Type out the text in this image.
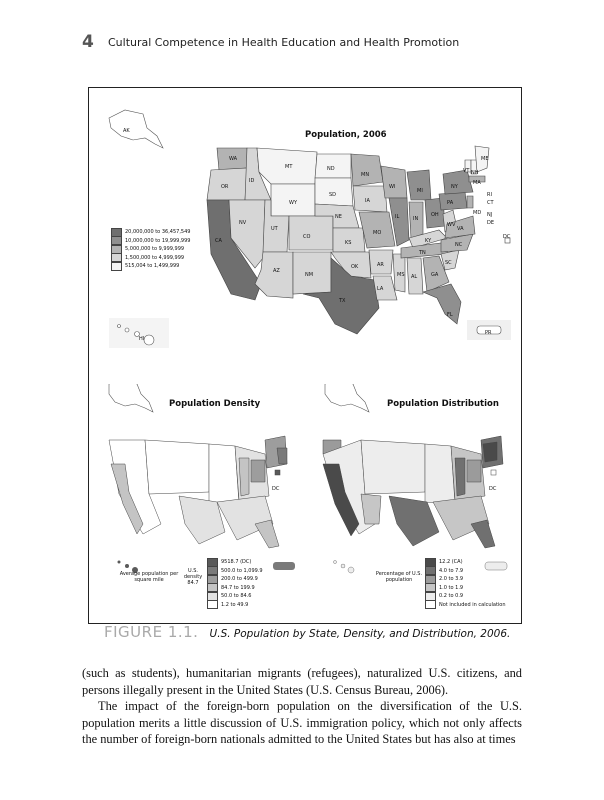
4 Cultural Competence in Health Education and Health Promotion
Population, 2006
WA
OR
CA
ID
NV
MT
WY
UT
AZ
CO
NM
ND
SD
NE
KS
OK
TX
MN
IA
MO
AR
LA
WI
IL
MS
MI
IN
KY
TN
AL
OH
WV
GA
FL
SC
NC
VA
PA
NY
VT NH
ME
MA
RI
CT
NJ
DE
MD
DC
AK
HI
PR
20,000,000 to 36,457,549
10,000,000 to 19,999,999
5,000,000 to 9,999,999
1,500,000 to 4,999,999
515,004 to 1,499,999
Population Density
DC
Average population per square mile
U.S. density 84.7
9518.7 (DC)
500.0 to 1,099.9
200.0 to 499.9
84.7 to 199.9
50.0 to 84.6
1.2 to 49.9
Population Distribution
DC
Percentage of U.S. population
12.2 (CA)
4.0 to 7.9
2.0 to 3.9
1.0 to 1.9
0.2 to 0.9
Not included in calculation
FIGURE 1.1. U.S. Population by State, Density, and Distribution, 2006.

(such as students), humanitarian migrants (refugees), naturalized U.S. citizens, and persons illegally present in the United States (U.S. Census Bureau, 2006).

The impact of the foreign-born population on the diversification of the U.S. population merits a little discussion of U.S. immigration policy, which not only affects the number of foreign-born nationals admitted to the United States but has also at times
